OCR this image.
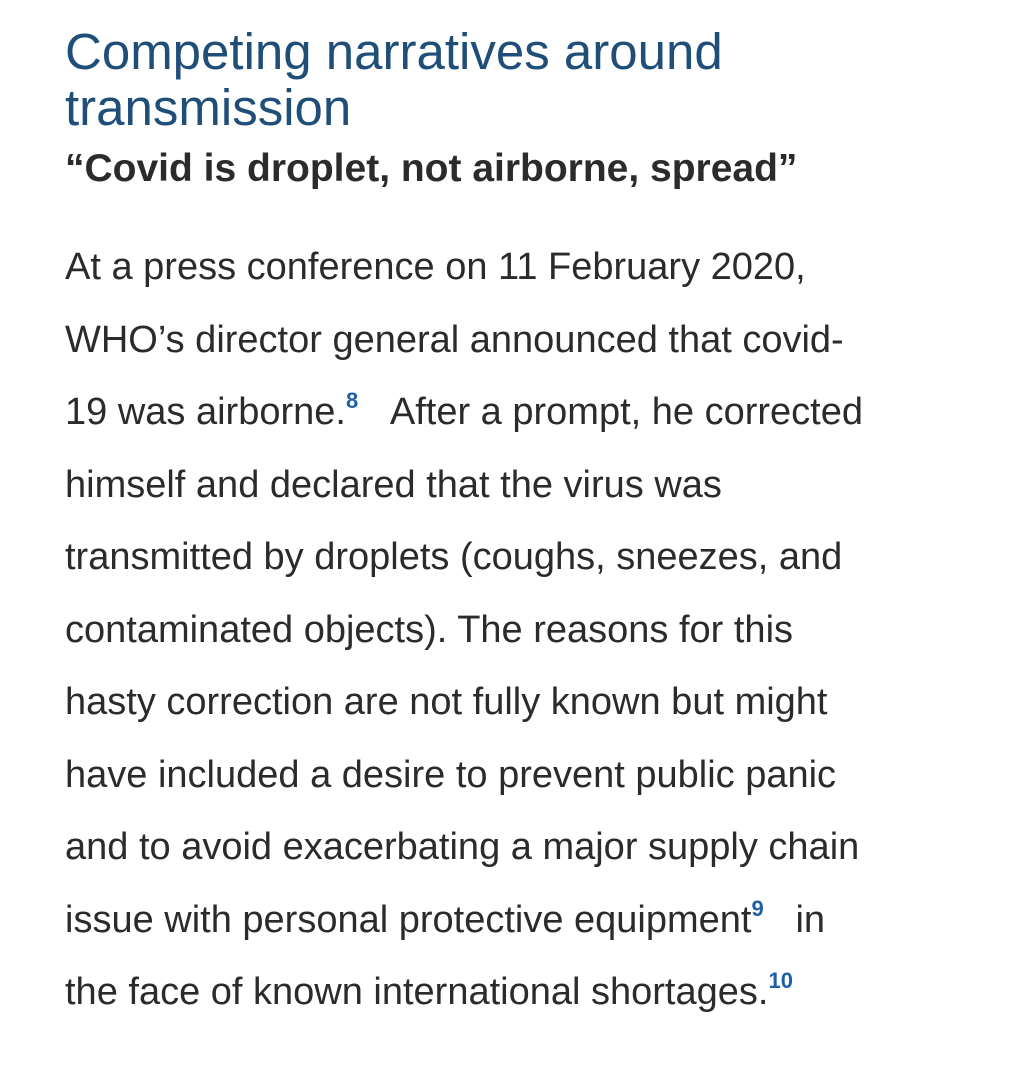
Competing narratives around transmission
“Covid is droplet, not airborne, spread”

At a press conference on 11 February 2020,
WHO’s director general announced that covid-
19 was airborne.$^8$ After a prompt, he corrected
himself and declared that the virus was
transmitted by droplets (coughs, sneezes, and
contaminated objects). The reasons for this
hasty correction are not fully known but might
have included a desire to prevent public panic
and to avoid exacerbating a major supply chain
issue with personal protective equipment$^9$ in
the face of known international shortages.$^{10}$
